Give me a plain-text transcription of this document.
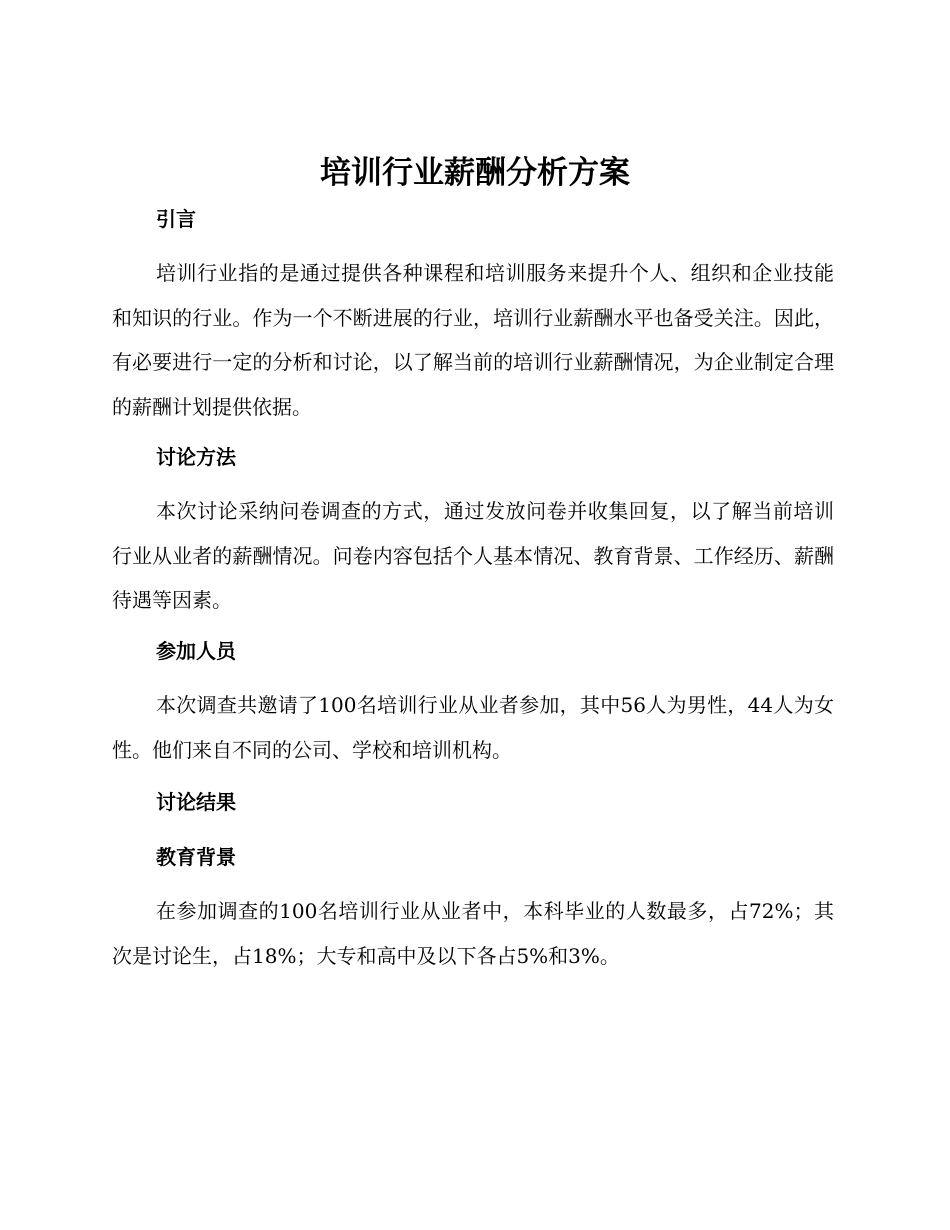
培训行业薪酬分析方案
引言

培训行业指的是通过提供各种课程和培训服务来提升个人、组织和企业技能和知识的行业。作为一个不断进展的行业，培训行业薪酬水平也备受关注。因此，有必要进行一定的分析和讨论，以了解当前的培训行业薪酬情况，为企业制定合理的薪酬计划提供依据。

讨论方法

本次讨论采纳问卷调查的方式，通过发放问卷并收集回复，以了解当前培训行业从业者的薪酬情况。问卷内容包括个人基本情况、教育背景、工作经历、薪酬待遇等因素。

参加人员

本次调查共邀请了100名培训行业从业者参加，其中56人为男性，44人为女性。他们来自不同的公司、学校和培训机构。

讨论结果
教育背景

在参加调查的100名培训行业从业者中，本科毕业的人数最多，占72%；其次是讨论生，占18%；大专和高中及以下各占5%和3%。
